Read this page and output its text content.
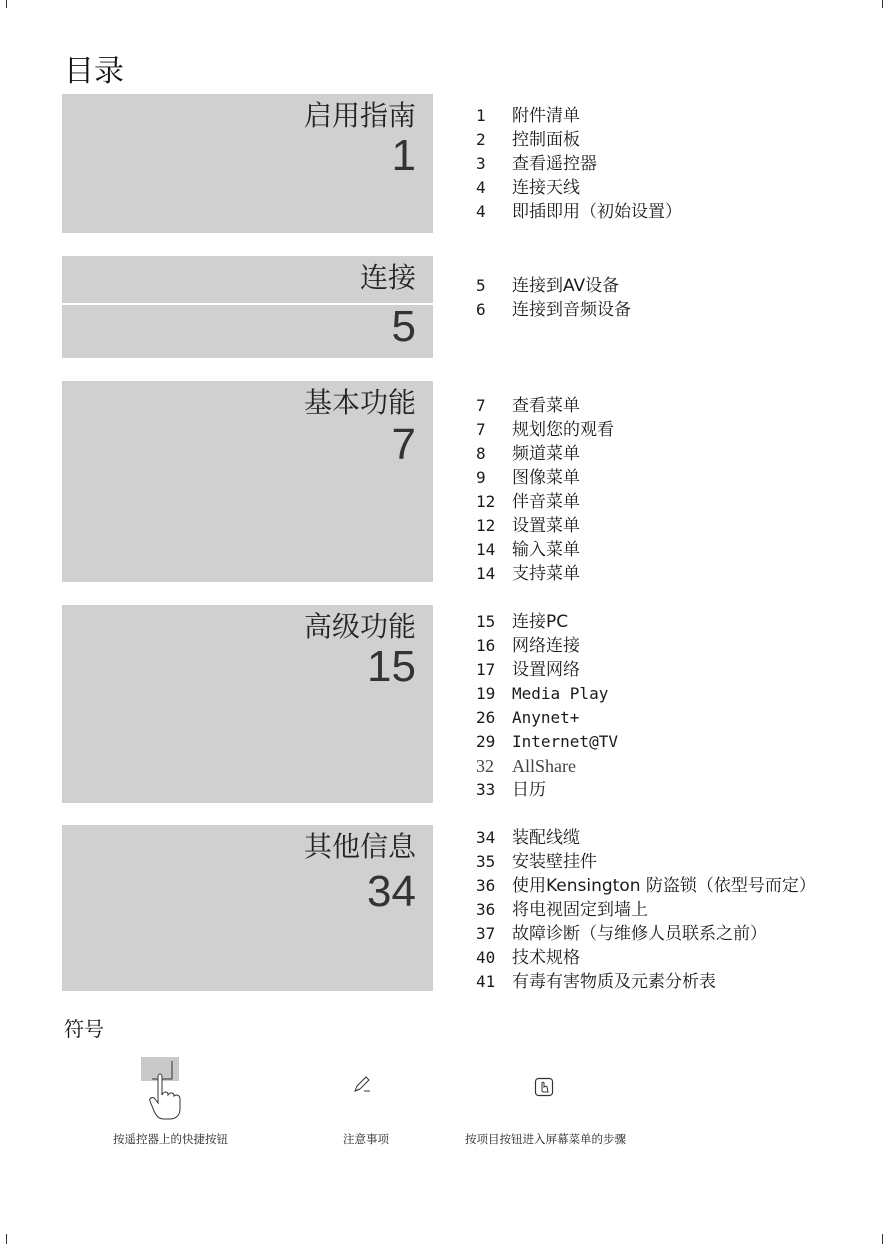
目录
启用指南
1
1 附件清单
2 控制面板
3 查看遥控器
4 连接天线
4 即插即用（初始设置）
连接
5
5 连接到AV设备
6 连接到音频设备
基本功能
7
7 查看菜单
7 规划您的观看
8 频道菜单
9 图像菜单
12 伴音菜单
12 设置菜单
14 输入菜单
14 支持菜单
高级功能
15
15 连接PC
16 网络连接
17 设置网络
19 Media Play
26 Anynet+
29 Internet@TV
32 AllShare
33 日历
其他信息
34
34 装配线缆
35 安装壁挂件
36 使用Kensington 防盗锁（依型号而定）
36 将电视固定到墙上
37 故障诊断（与维修人员联系之前）
40 技术规格
41 有毒有害物质及元素分析表
符号
按遥控器上的快捷按钮	注意事项	按项目按钮进入屏幕菜单的步骤
